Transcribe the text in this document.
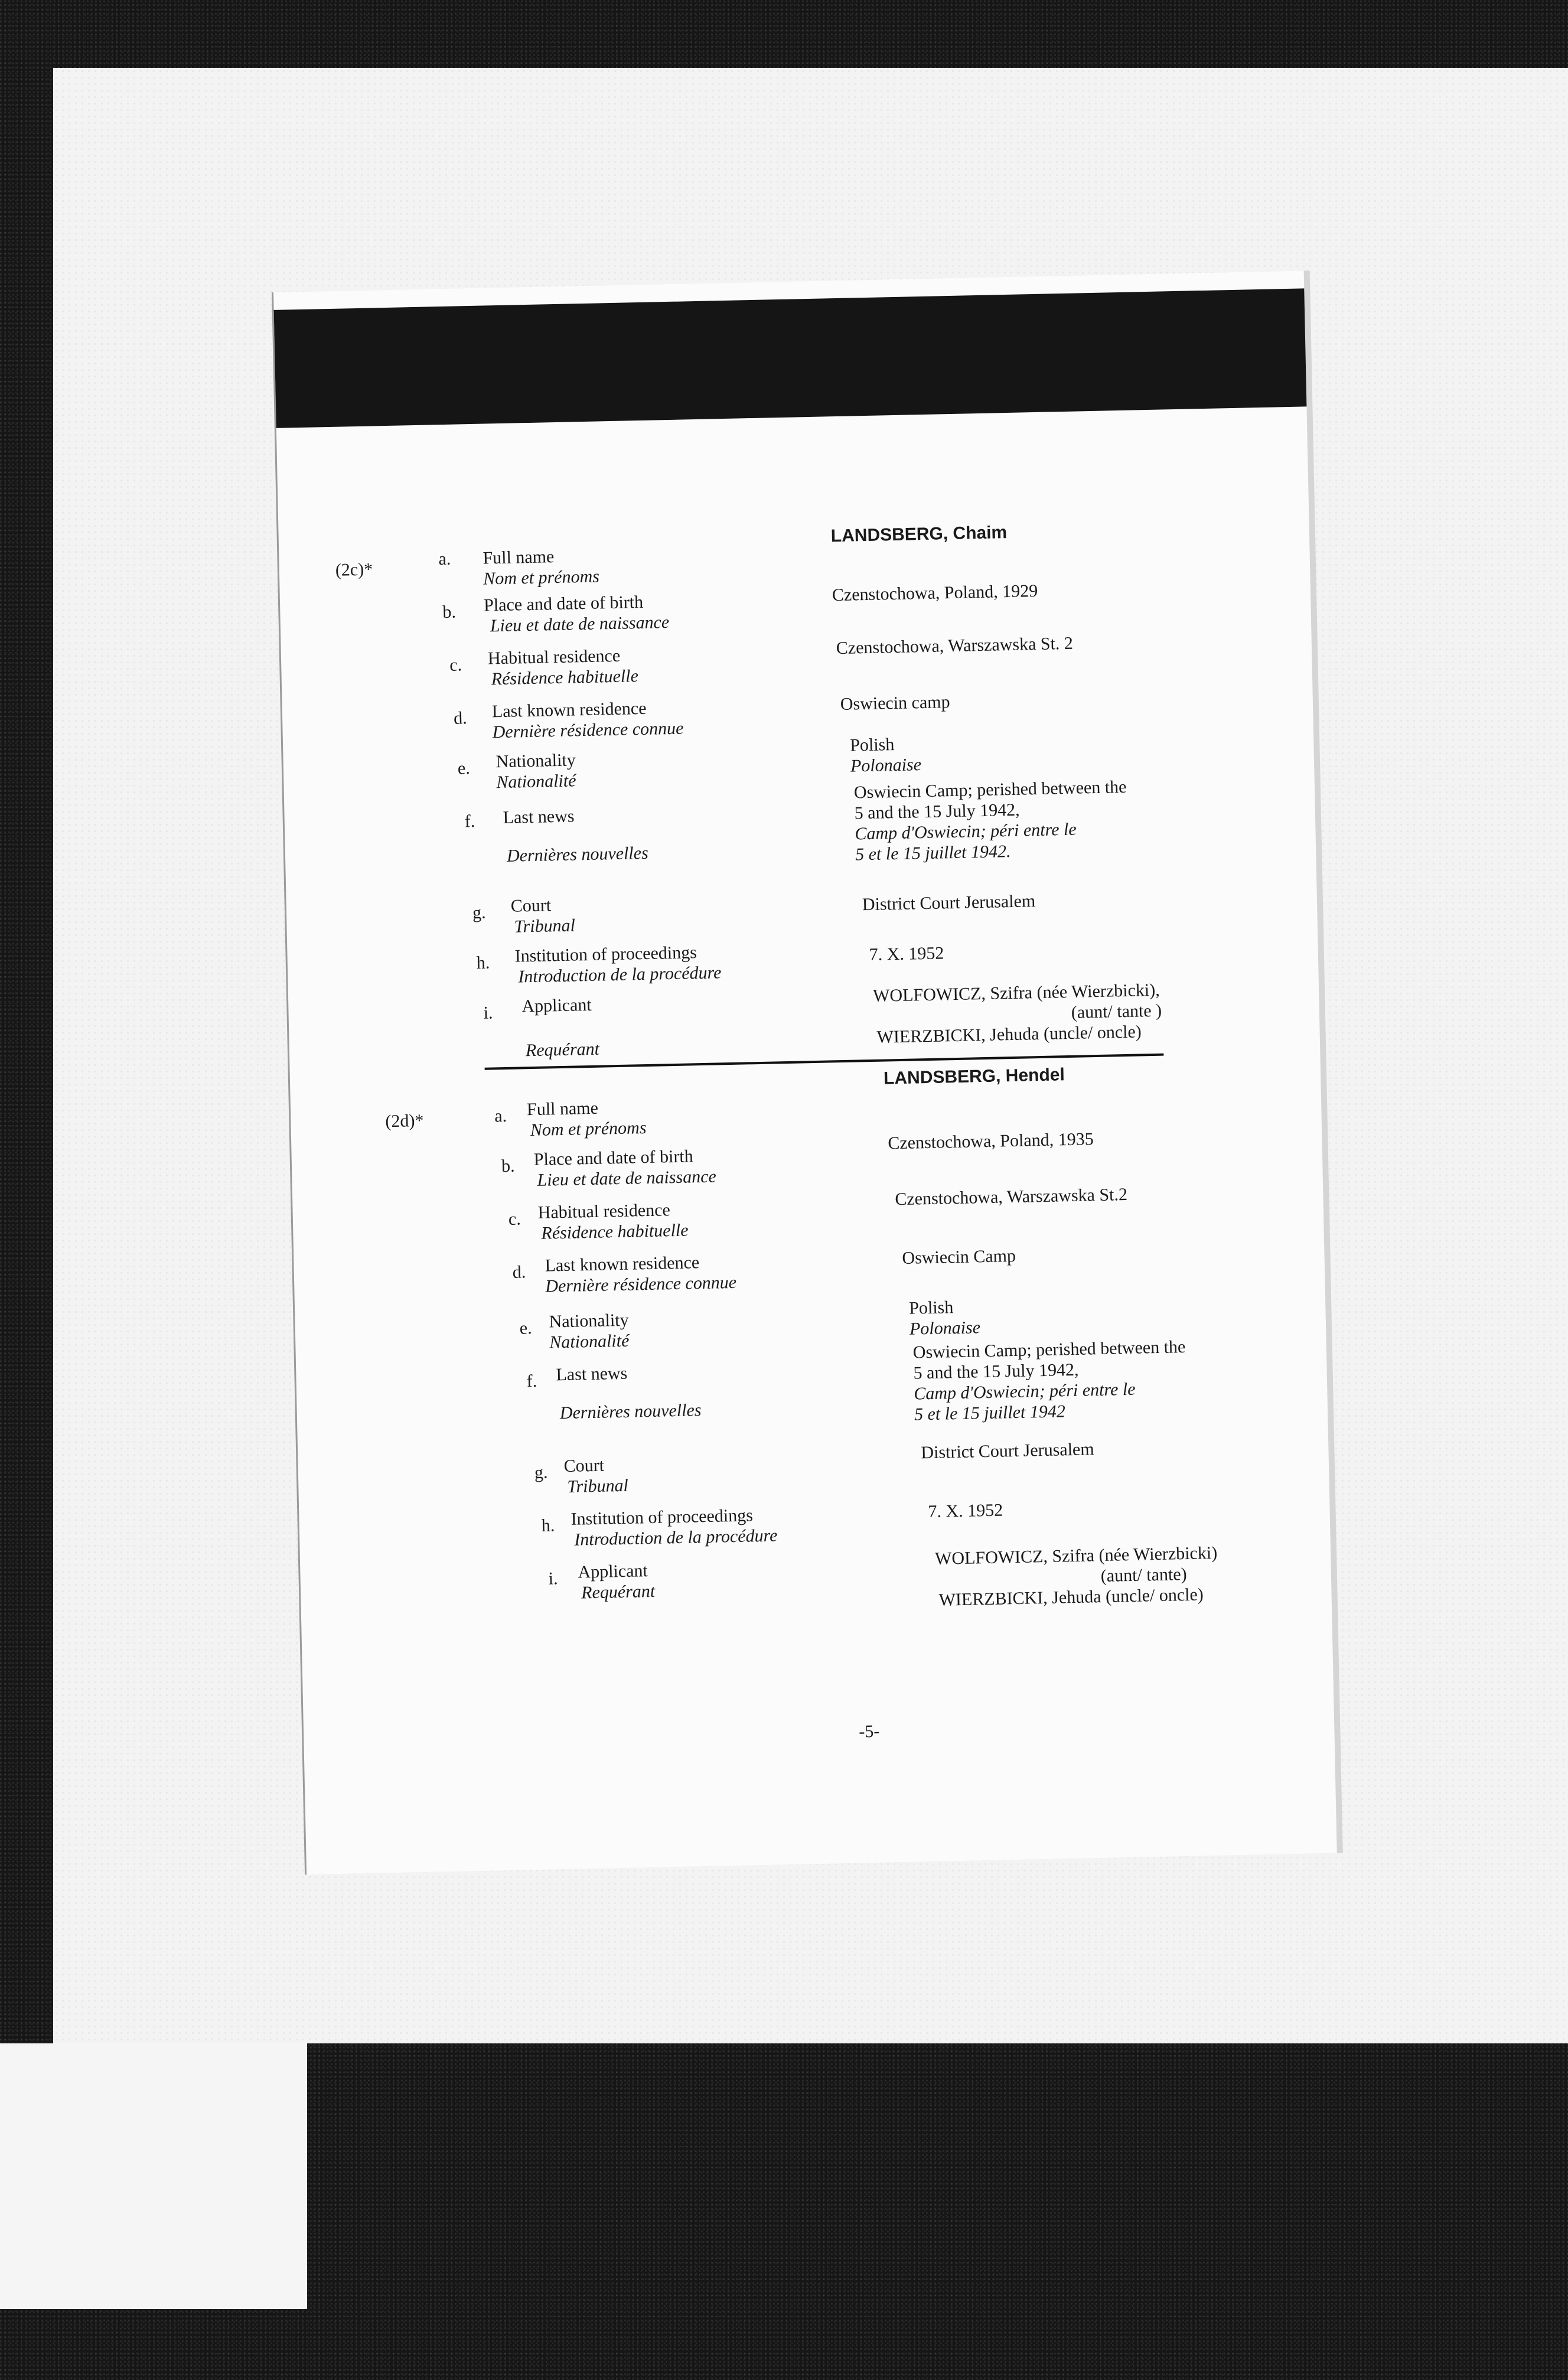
(2c)*
a. Full name
Nom et prénoms
LANDSBERG, Chaim
b. Place and date of birth
Lieu et date de naissance
Czenstochowa, Poland, 1929
c. Habitual residence
Résidence habituelle
Czenstochowa, Warszawska St. 2
d. Last known residence
Dernière résidence connue
Oswiecin camp
e. Nationality
Nationalité
Polish
Polonaise
f. Last news
Dernières nouvelles
Oswiecin Camp; perished between the
5 and the 15 July 1942,
Camp d'Oswiecin; péri entre le
5 et le 15 juillet 1942.
g. Court
Tribunal
District Court Jerusalem
h. Institution of proceedings
Introduction de la procédure
7. X. 1952
i. Applicant
Requérant
WOLFOWICZ, Szifra (née Wierzbicki),
(aunt/ tante )
WIERZBICKI, Jehuda (uncle/ oncle)
(2d)*	a. Full name
Nom et prénoms
LANDSBERG, Hendel
b. Place and date of birth
Lieu et date de naissance
Czenstochowa, Poland, 1935
c. Habitual residence
Résidence habituelle
Czenstochowa, Warszawska St.2
d. Last known residence
Dernière résidence connue
Oswiecin Camp
e. Nationality
Nationalité
Polish
Polonaise
f. Last news
Dernières nouvelles
Oswiecin Camp; perished between the
5 and the 15 July 1942,
Camp d'Oswiecin; péri entre le
5 et le 15 juillet 1942
g. Court
Tribunal
District Court Jerusalem
h. Institution of proceedings
Introduction de la procédure
7. X. 1952
i. Applicant
Requérant
WOLFOWICZ, Szifra (née Wierzbicki)
(aunt/ tante)
WIERZBICKI, Jehuda (uncle/ oncle)
-5-
